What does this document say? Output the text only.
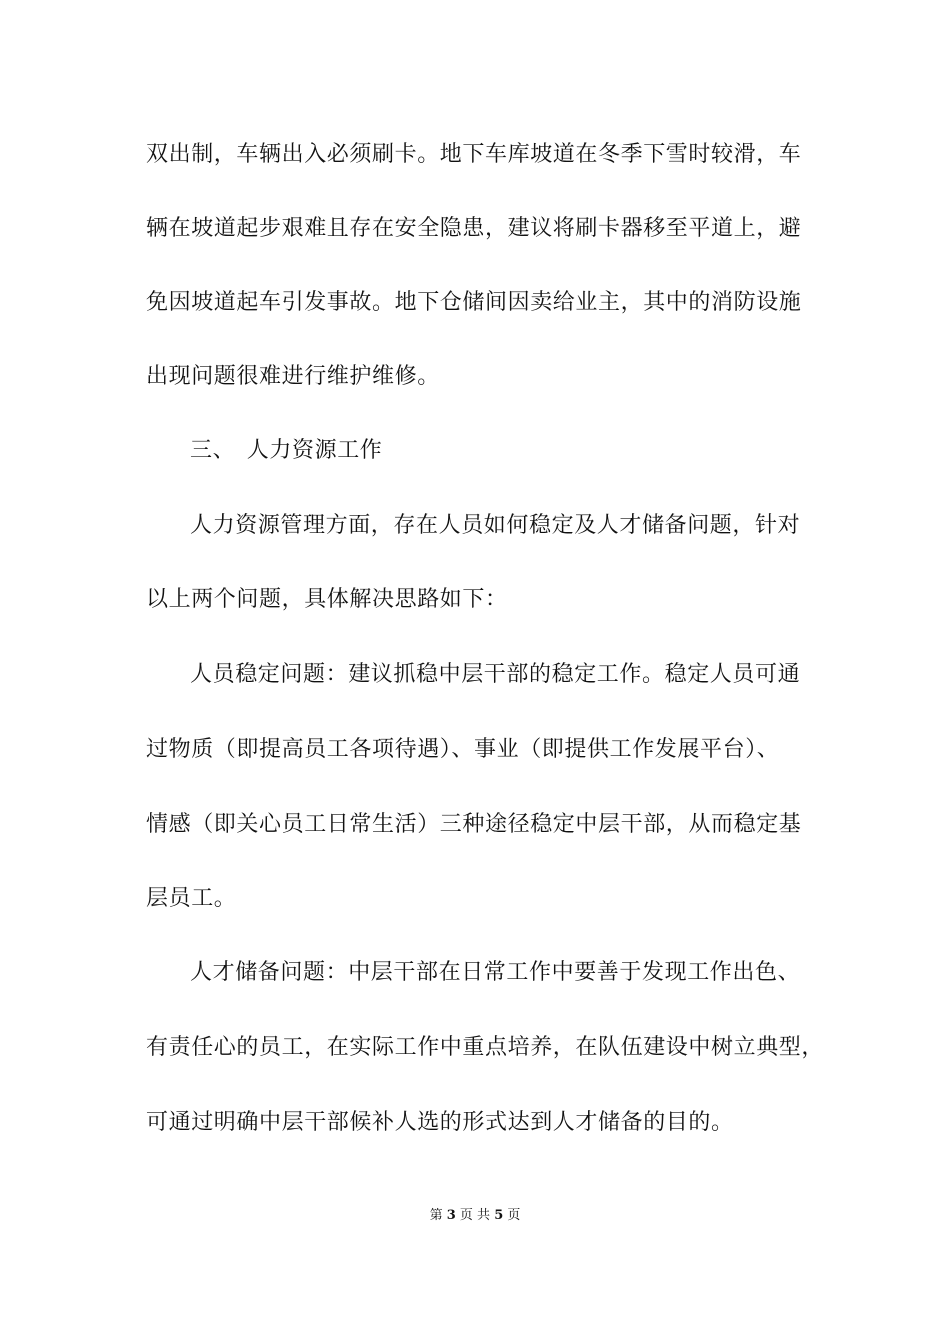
双出制，车辆出入必须刷卡。地下车库坡道在冬季下雪时较滑，车
辆在坡道起步艰难且存在安全隐患，建议将刷卡器移至平道上，避
免因坡道起车引发事故。地下仓储间因卖给业主，其中的消防设施
出现问题很难进行维护维修。
三、　人力资源工作
人力资源管理方面，存在人员如何稳定及人才储备问题，针对
以上两个问题，具体解决思路如下：
人员稳定问题：建议抓稳中层干部的稳定工作。稳定人员可通
过物质（即提高员工各项待遇）、事业（即提供工作发展平台）、
情感（即关心员工日常生活）三种途径稳定中层干部，从而稳定基
层员工。
人才储备问题：中层干部在日常工作中要善于发现工作出色、
有责任心的员工，在实际工作中重点培养，在队伍建设中树立典型，
可通过明确中层干部候补人选的形式达到人才储备的目的。
第 3 页 共 5 页
